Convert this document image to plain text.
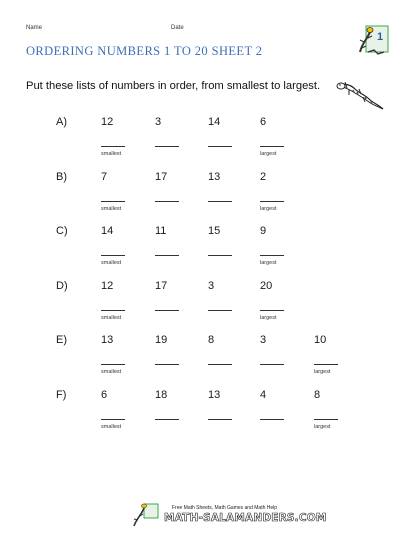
Name	Date
ORDERING NUMBERS 1 TO 20 SHEET 2
1
Put these lists of numbers in order, from smallest to largest.
A)	12	3	14	6
smallest	largest
B)	7	17	13	2
smallest	largest
C)	14	11	15	9
smallest	largest
D)	12	17	3	20
smallest	largest
E)	13	19	8	3	10
smallest	largest
F)	6	18	13	4	8
smallest	largest
Free Math Sheets, Math Games and Math Help
MATH-SALAMANDERS.COM
